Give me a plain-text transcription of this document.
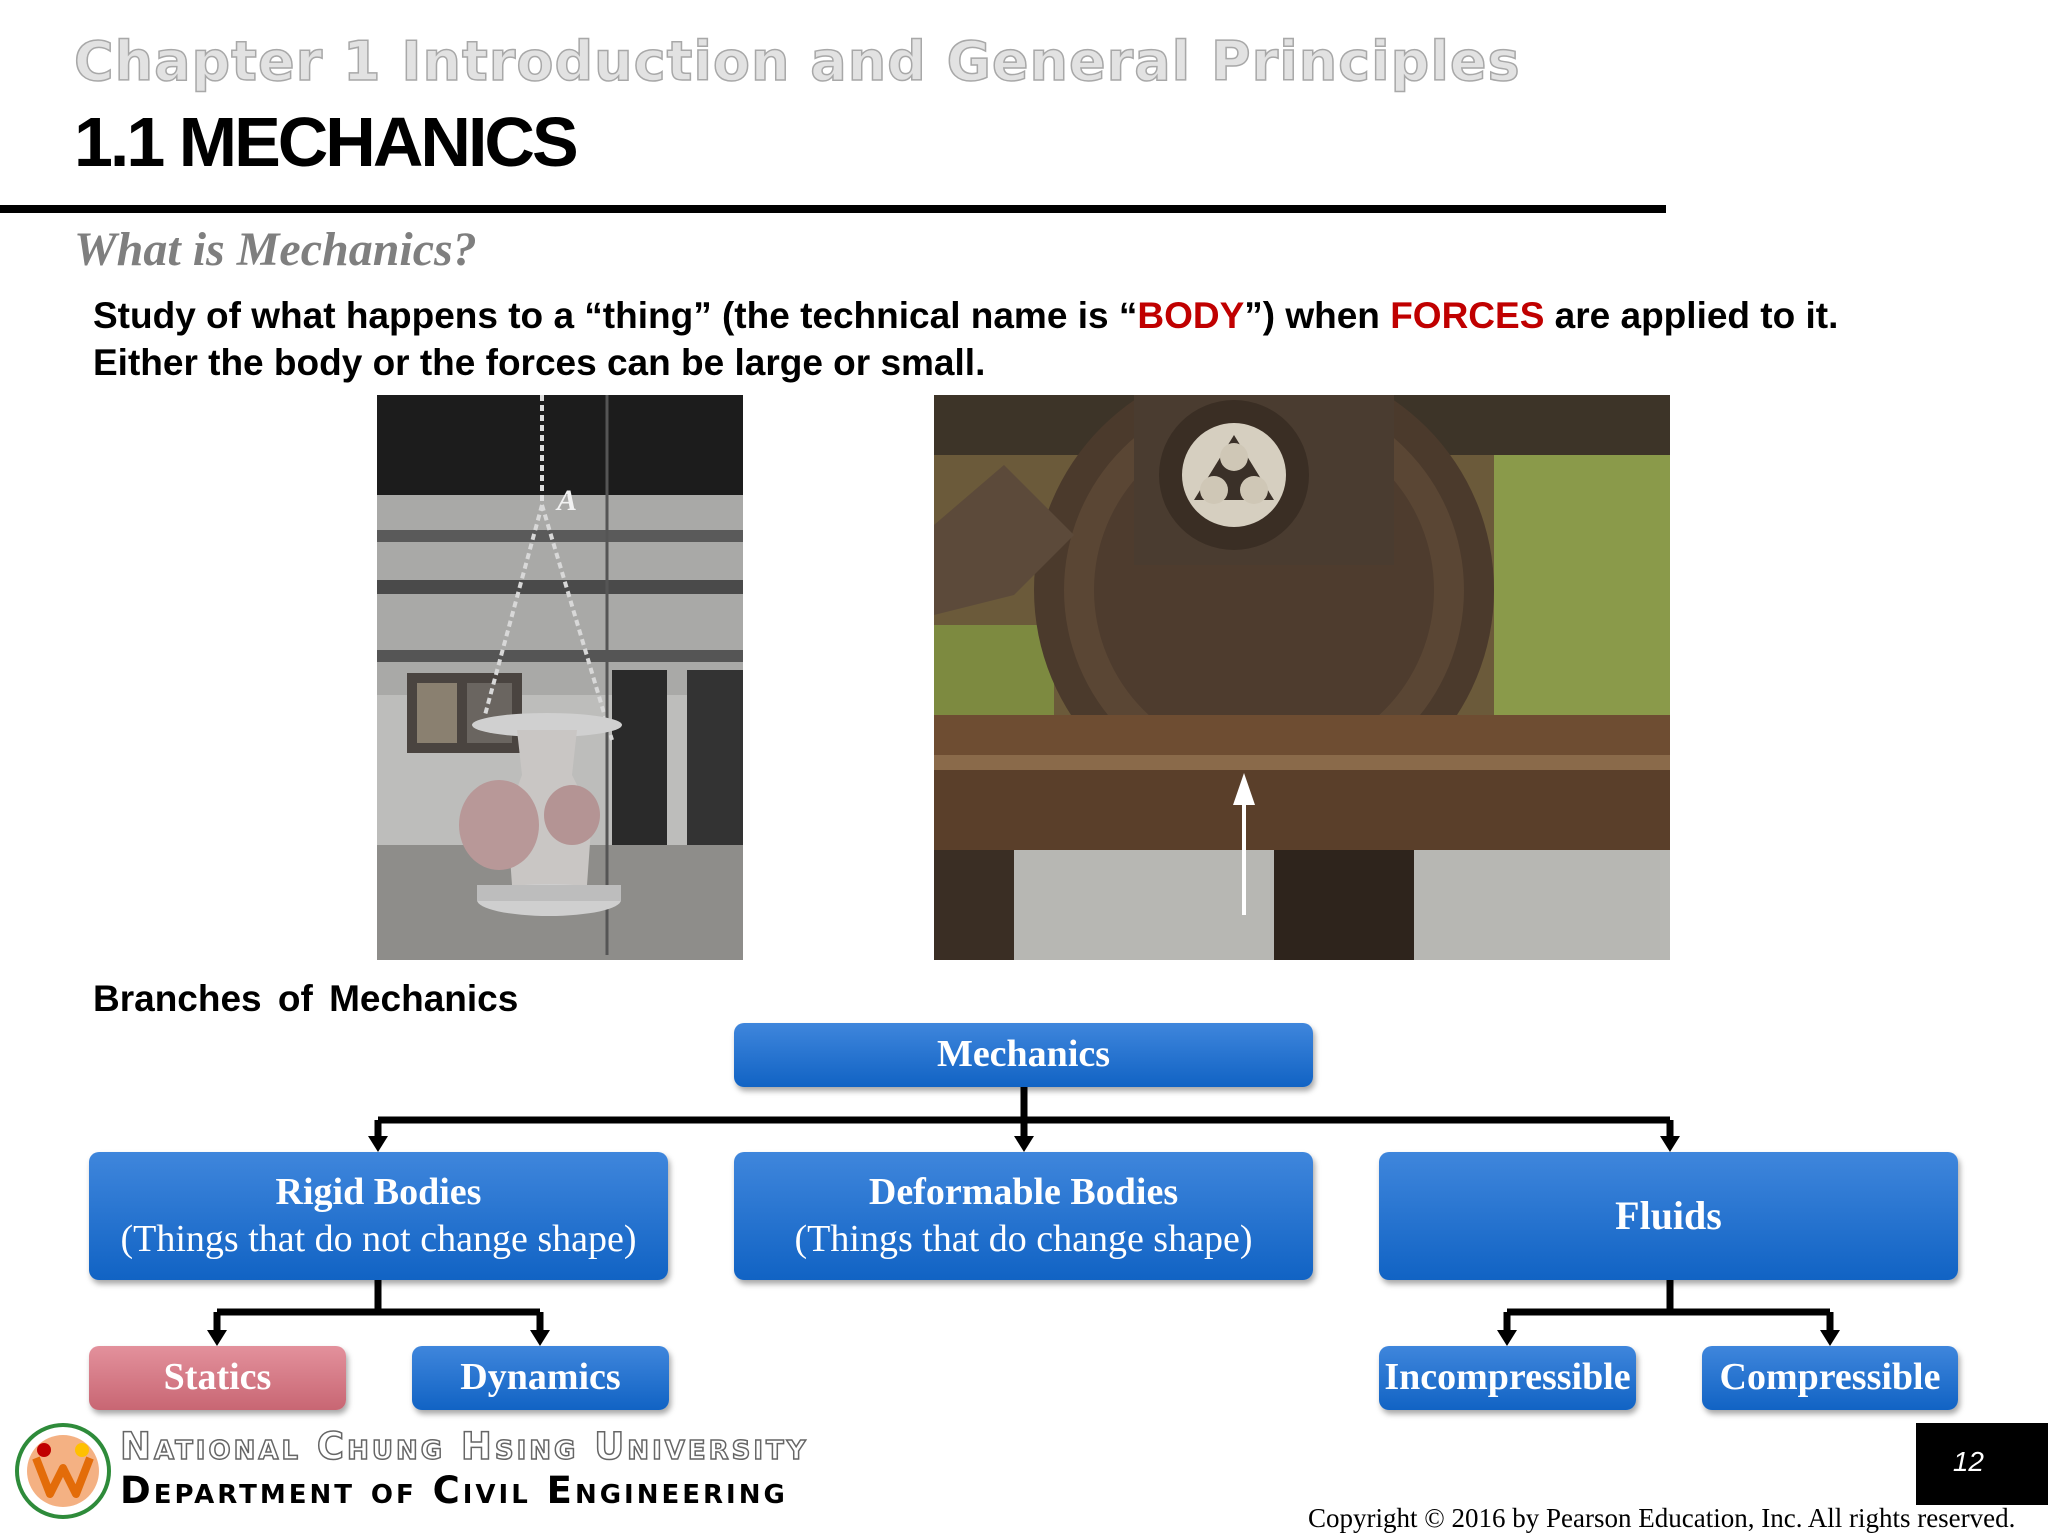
Chapter 1 Introduction and General Principles
1.1 MECHANICS
What is Mechanics?
Study of what happens to a “thing” (the technical name is “BODY”) when FORCES are applied to it.
Either the body or the forces can be large or small.
A
Branches of Mechanics
Mechanics
Rigid Bodies
(Things that do not change shape)
Deformable Bodies
(Things that do change shape)
Fluids
Statics	Dynamics	Incompressible Compressible
National Chung Hsing University
Department of Civil Engineering
12
Copyright © 2016 by Pearson Education, Inc. All rights reserved.
